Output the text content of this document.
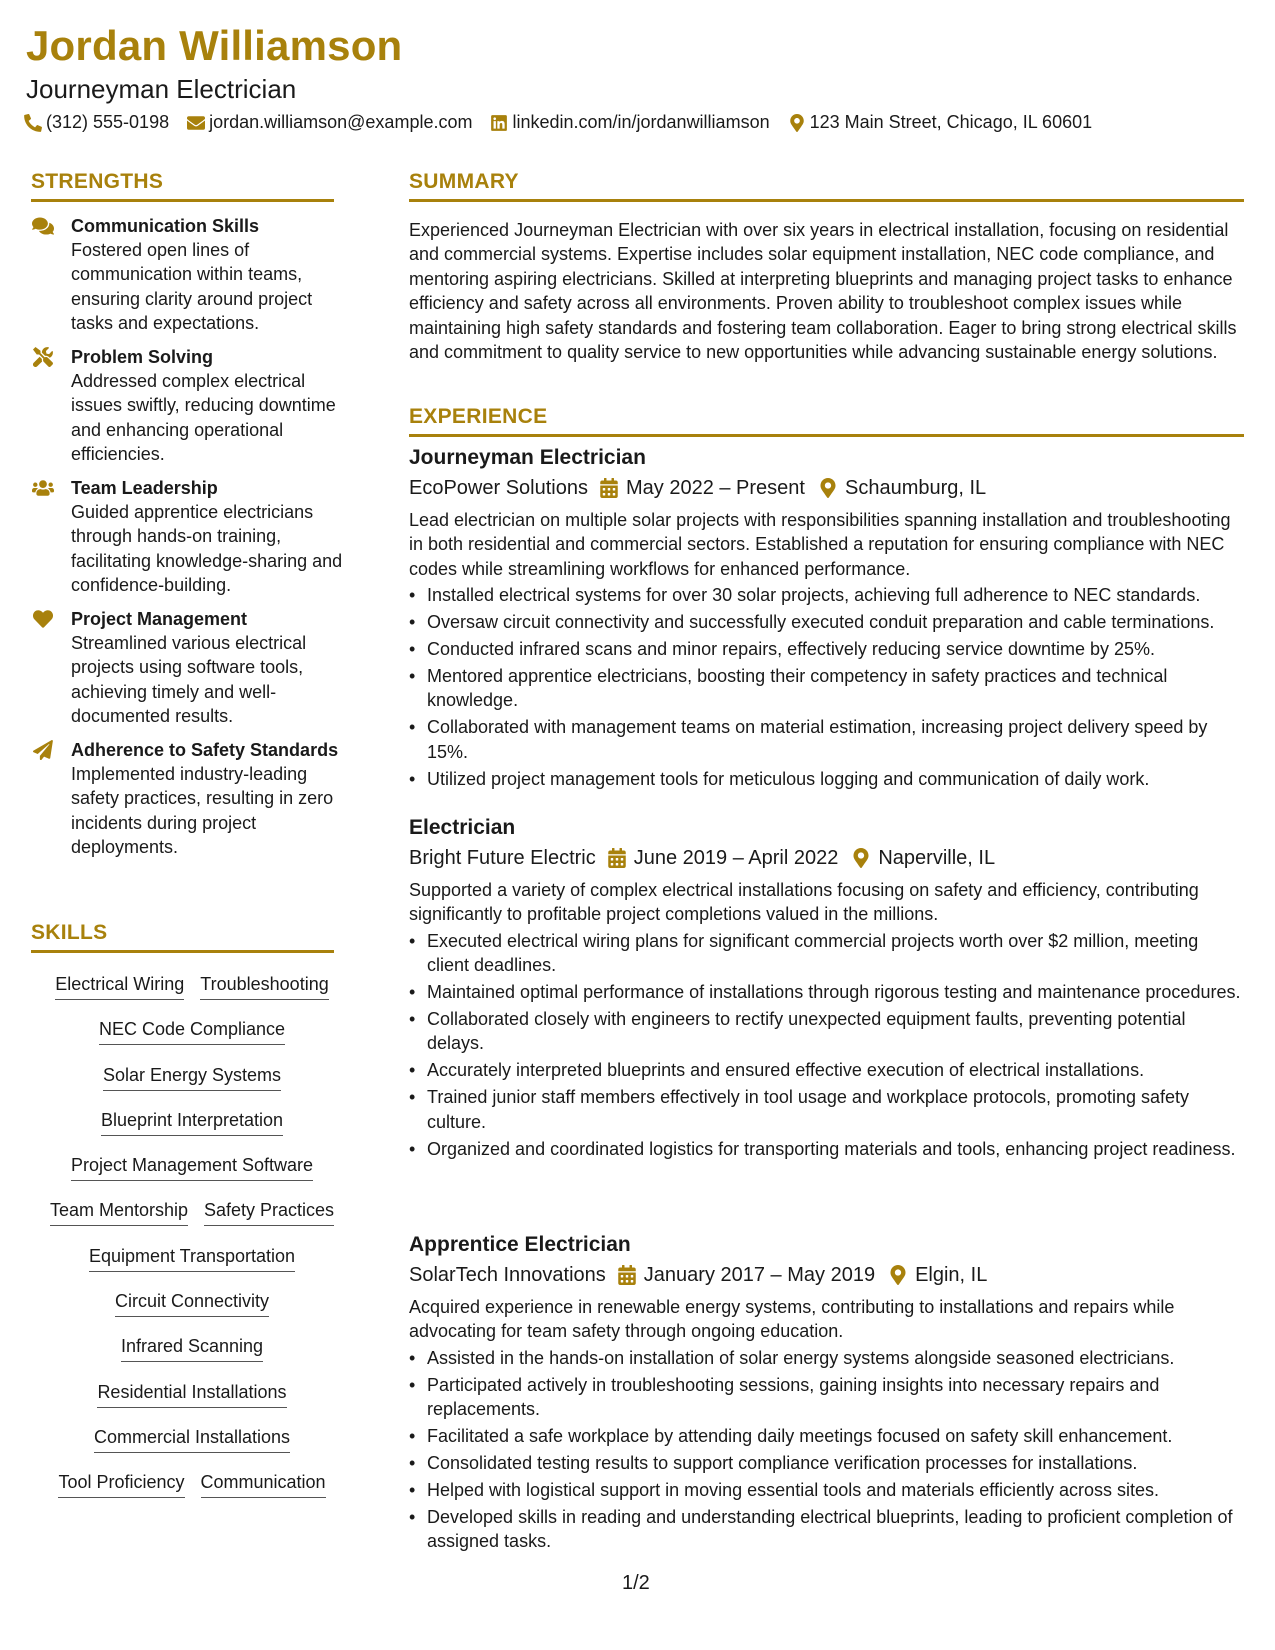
Jordan Williamson
Journeyman Electrician
(312) 555-0198 jordan.williamson@example.com linkedin.com/in/jordanwilliamson 123 Main Street, Chicago, IL 60601
STRENGTHS
Communication Skills
Fostered open lines of communication within teams, ensuring clarity around project tasks and expectations.
Problem Solving
Addressed complex electrical issues swiftly, reducing downtime and enhancing operational efficiencies.
Team Leadership
Guided apprentice electricians through hands-on training, facilitating knowledge-sharing and confidence-building.
Project Management
Streamlined various electrical projects using software tools, achieving timely and well-documented results.
Adherence to Safety Standards
Implemented industry-leading safety practices, resulting in zero incidents during project deployments.
SKILLS
Electrical Wiring Troubleshooting
NEC Code Compliance
Solar Energy Systems
Blueprint Interpretation
Project Management Software
Team Mentorship Safety Practices
Equipment Transportation
Circuit Connectivity
Infrared Scanning
Residential Installations
Commercial Installations
Tool Proficiency Communication
SUMMARY
Experienced Journeyman Electrician with over six years in electrical installation, focusing on residential and commercial systems. Expertise includes solar equipment installation, NEC code compliance, and mentoring aspiring electricians. Skilled at interpreting blueprints and managing project tasks to enhance efficiency and safety across all environments. Proven ability to troubleshoot complex issues while maintaining high safety standards and fostering team collaboration. Eager to bring strong electrical skills and commitment to quality service to new opportunities while advancing sustainable energy solutions.
EXPERIENCE
Journeyman Electrician
EcoPower Solutions May 2022 – Present Schaumburg, IL
Lead electrician on multiple solar projects with responsibilities spanning installation and troubleshooting in both residential and commercial sectors. Established a reputation for ensuring compliance with NEC codes while streamlining workflows for enhanced performance.
• Installed electrical systems for over 30 solar projects, achieving full adherence to NEC standards.
• Oversaw circuit connectivity and successfully executed conduit preparation and cable terminations.
• Conducted infrared scans and minor repairs, effectively reducing service downtime by 25%.
• Mentored apprentice electricians, boosting their competency in safety practices and technical knowledge.
• Collaborated with management teams on material estimation, increasing project delivery speed by 15%.
• Utilized project management tools for meticulous logging and communication of daily work.
Electrician
Bright Future Electric June 2019 – April 2022 Naperville, IL
Supported a variety of complex electrical installations focusing on safety and efficiency, contributing significantly to profitable project completions valued in the millions.
• Executed electrical wiring plans for significant commercial projects worth over $2 million, meeting client deadlines.
• Maintained optimal performance of installations through rigorous testing and maintenance procedures.
• Collaborated closely with engineers to rectify unexpected equipment faults, preventing potential delays.
• Accurately interpreted blueprints and ensured effective execution of electrical installations.
• Trained junior staff members effectively in tool usage and workplace protocols, promoting safety culture.
• Organized and coordinated logistics for transporting materials and tools, enhancing project readiness.
Apprentice Electrician
SolarTech Innovations January 2017 – May 2019 Elgin, IL
Acquired experience in renewable energy systems, contributing to installations and repairs while advocating for team safety through ongoing education.
• Assisted in the hands-on installation of solar energy systems alongside seasoned electricians.
• Participated actively in troubleshooting sessions, gaining insights into necessary repairs and replacements.
• Facilitated a safe workplace by attending daily meetings focused on safety skill enhancement.
• Consolidated testing results to support compliance verification processes for installations.
• Helped with logistical support in moving essential tools and materials efficiently across sites.
• Developed skills in reading and understanding electrical blueprints, leading to proficient completion of assigned tasks.
1/2
